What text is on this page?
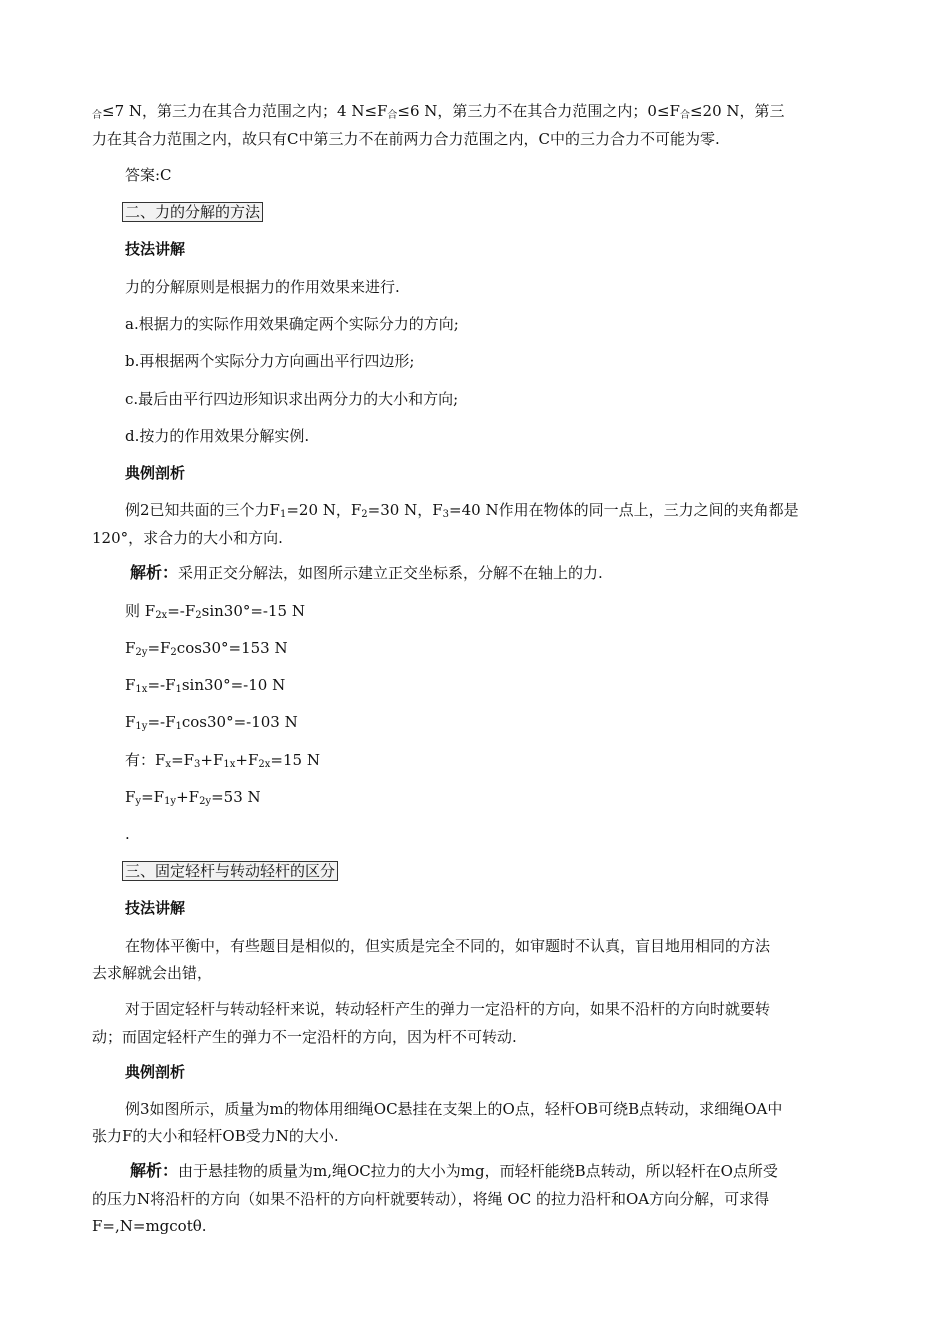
$_合$≤7 N，第三力在其合力范围之内；4 $N\le F_合\le 6$ N，第三力不在其合力范围之内；$0\le F_合\le 20$ N，第三
力在其合力范围之内，故只有C中第三力不在前两力合力范围之内，C中的三力合力不可能为零.
答案:C
二、力的分解的方法
技法讲解
力的分解原则是根据力的作用效果来进行.
a.根据力的实际作用效果确定两个实际分力的方向;
b.再根据两个实际分力方向画出平行四边形;
c.最后由平行四边形知识求出两分力的大小和方向;
d.按力的作用效果分解实例.
典例剖析
例2已知共面的三个力$F_1=20$ N，$F_2=30$ N，$F_3=40$ N作用在物体的同一点上，三力之间的夹角都是
120°，求合力的大小和方向.
解析：采用正交分解法，如图所示建立正交坐标系，分解不在轴上的力.
则 $F_{2x}=-F_2\sin 30^\circ=-15$ N
$F_{2y}=F_2\cos 30^\circ=153$ N
$F_{1x}=-F_1\sin 30^\circ=-10$ N
$F_{1y}=-F_1\cos 30^\circ=-103$ N
有：$F_x=F_3+F_{1x}+F_{2x}=15$ N
$F_y=F_{1y}+F_{2y}=53$ N
.
三、固定轻杆与转动轻杆的区分
技法讲解
在物体平衡中，有些题目是相似的，但实质是完全不同的，如审题时不认真，盲目地用相同的方法
去求解就会出错，
对于固定轻杆与转动轻杆来说，转动轻杆产生的弹力一定沿杆的方向，如果不沿杆的方向时就要转
动；而固定轻杆产生的弹力不一定沿杆的方向，因为杆不可转动.
典例剖析
例3如图所示，质量为m的物体用细绳OC悬挂在支架上的O点，轻杆OB可绕B点转动，求细绳OA中
张力F的大小和轻杆OB受力N的大小.
解析：由于悬挂物的质量为m,绳OC拉力的大小为mg，而轻杆能绕B点转动，所以轻杆在O点所受
的压力N将沿杆的方向（如果不沿杆的方向杆就要转动），将绳 OC 的拉力沿杆和OA方向分解，可求得
F=,N=mgcotθ.
